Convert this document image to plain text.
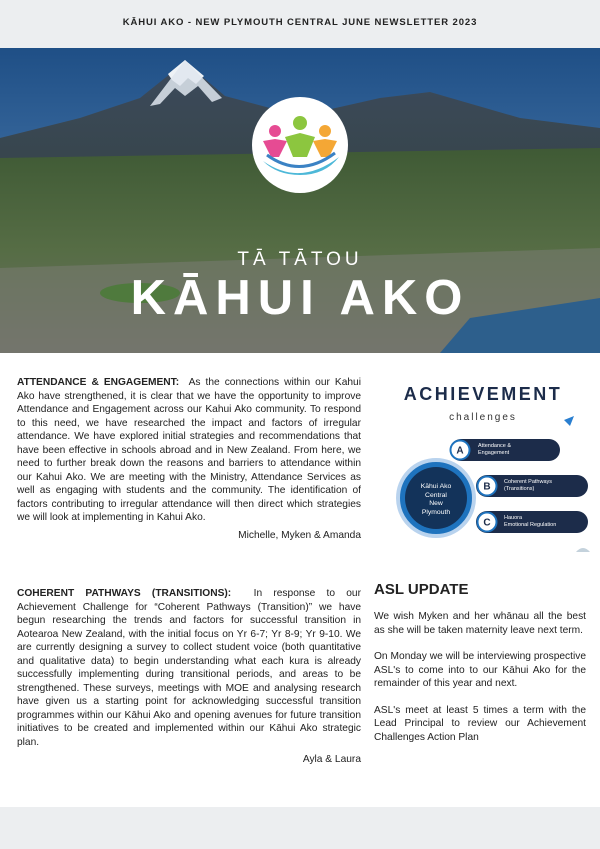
KĀHUI AKO - NEW PLYMOUTH CENTRAL JUNE NEWSLETTER 2023
TĀ TĀTOU
KĀHUI AKO

ATTENDANCE & ENGAGEMENT: As the connections within our Kahui Ako have strengthened, it is clear that we have the opportunity to improve Attendance and Engagement across our Kahui Ako community. To respond to this need, we have researched the impact and factors of irregular attendance. We have explored initial strategies and recommendations that have been effective in schools abroad and in New Zealand. From here, we need to further break down the reasons and barriers to attendance within our Kahui Ako. We are meeting with the Ministry, Attendance Services as well as engaging with students and the community. The identification of factors contributing to irregular attendance will then direct which strategies we will look at implementing in Kahui Ako.

Michelle, Myken & Amanda

COHERENT PATHWAYS (TRANSITIONS): In response to our Achievement Challenge for “Coherent Pathways (Transition)” we have begun researching the trends and factors for successful transition in Aotearoa New Zealand, with the initial focus on Yr 6-7; Yr 8-9; Yr 9-10. We are currently designing a survey to collect student voice (both quantitative and qualitative data) to begin understanding what each kura is already successfully implementing during transitional periods, and areas to be strengthened. These surveys, meetings with MOE and analysing research have given us a starting point for acknowledging successful transition programmes within our Kāhui Ako and opening avenues for future transition initiatives to be created and implemented within our Kāhui Ako strategic plan.

Ayla & Laura

A
B
C
ACHIEVEMENT
challenges
Kāhui Ako
Central
New
Plymouth
Attendance &
Engagement
Coherent Pathways
(Transitions)
Hauora
Emotional Regulation
ASL UPDATE

We wish Myken and her whānau all the best as she will be taken maternity leave next term.

On Monday we will be interviewing prospective ASL's to come into to our Kāhui Ako for the remainder of this year and next.

ASL's meet at least 5 times a term with the Lead Principal to review our Achievement Challenges Action Plan
